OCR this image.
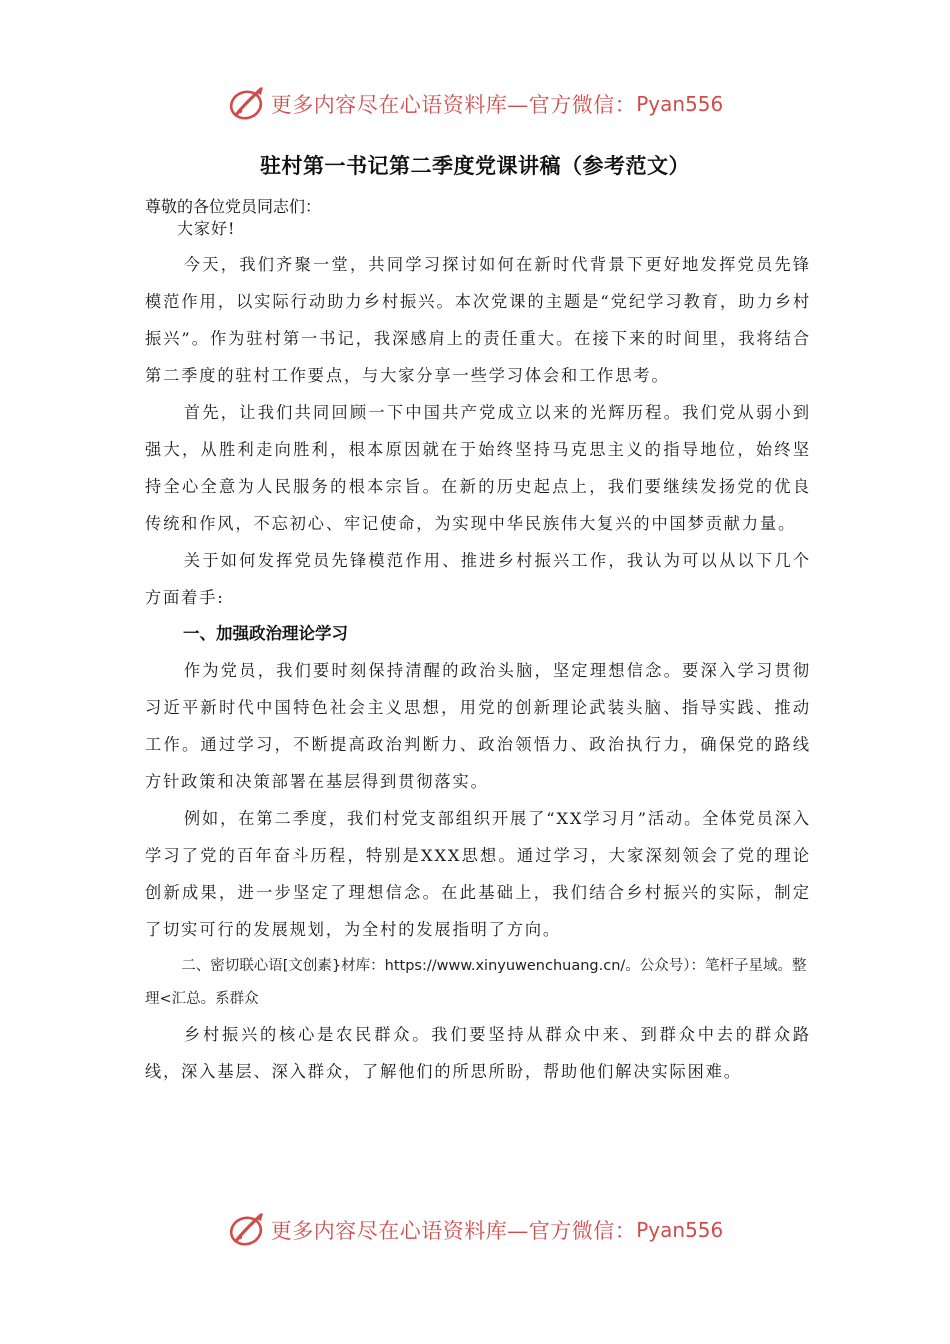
更多内容尽在心语资料库—官方微信： Pyan556
驻村第一书记第二季度党课讲稿（参考范文）

尊敬的各位党员同志们：

大家好!

今天，我们齐聚一堂，共同学习探讨如何在新时代背景下更好地发挥党员先锋模范作用，以实际行动助力乡村振兴。本次党课的主题是“党纪学习教育，助力乡村振兴”。作为驻村第一书记，我深感肩上的责任重大。在接下来的时间里，我将结合第二季度的驻村工作要点，与大家分享一些学习体会和工作思考。

首先，让我们共同回顾一下中国共产党成立以来的光辉历程。我们党从弱小到强大，从胜利走向胜利，根本原因就在于始终坚持马克思主义的指导地位，始终坚持全心全意为人民服务的根本宗旨。在新的历史起点上，我们要继续发扬党的优良传统和作风，不忘初心、牢记使命，为实现中华民族伟大复兴的中国梦贡献力量。

关于如何发挥党员先锋模范作用、推进乡村振兴工作，我认为可以从以下几个方面着手:

一、加强政治理论学习

作为党员，我们要时刻保持清醒的政治头脑，坚定理想信念。要深入学习贯彻习近平新时代中国特色社会主义思想，用党的创新理论武装头脑、指导实践、推动工作。通过学习，不断提高政治判断力、政治领悟力、政治执行力，确保党的路线方针政策和决策部署在基层得到贯彻落实。

例如，在第二季度，我们村党支部组织开展了“XX学习月”活动。全体党员深入学习了党的百年奋斗历程，特别是XXX思想。通过学习，大家深刻领会了党的理论创新成果，进一步坚定了理想信念。在此基础上，我们结合乡村振兴的实际，制定了切实可行的发展规划，为全村的发展指明了方向。

二、密切联心语[文创素}材库：https://www.xinyuwenchuang.cn/。公众号）：笔杆子星域。整理<汇总。系群众

乡村振兴的核心是农民群众。我们要坚持从群众中来、到群众中去的群众路线，深入基层、深入群众，了解他们的所思所盼，帮助他们解决实际困难。

更多内容尽在心语资料库—官方微信： Pyan556
